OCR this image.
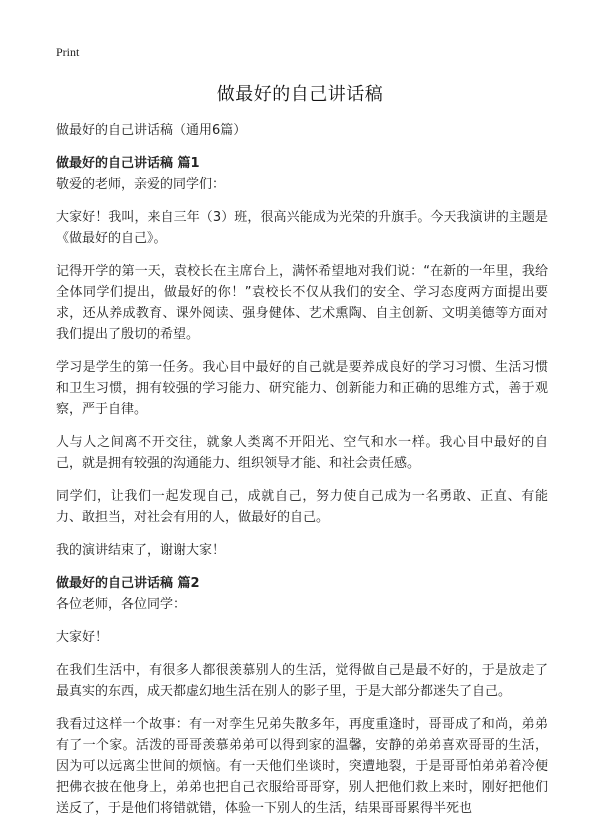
Print
做最好的自己讲话稿

做最好的自己讲话稿（通用6篇）

做最好的自己讲话稿 篇1

敬爱的老师，亲爱的同学们：

大家好！我叫，来自三年（3）班，很高兴能成为光荣的升旗手。今天我演讲的主题是《做最好的自己》。

记得开学的第一天，袁校长在主席台上，满怀希望地对我们说：“在新的一年里，我给全体同学们提出，做最好的你！”袁校长不仅从我们的安全、学习态度两方面提出要求，还从养成教育、课外阅读、强身健体、艺术熏陶、自主创新、文明美德等方面对我们提出了殷切的希望。

学习是学生的第一任务。我心目中最好的自己就是要养成良好的学习习惯、生活习惯和卫生习惯，拥有较强的学习能力、研究能力、创新能力和正确的思维方式，善于观察，严于自律。

人与人之间离不开交往，就象人类离不开阳光、空气和水一样。我心目中最好的自己，就是拥有较强的沟通能力、组织领导才能、和社会责任感。

同学们，让我们一起发现自己，成就自己，努力使自己成为一名勇敢、正直、有能力、敢担当，对社会有用的人，做最好的自己。

我的演讲结束了，谢谢大家！

做最好的自己讲话稿 篇2

各位老师，各位同学：

大家好！

在我们生活中，有很多人都很羡慕别人的生活，觉得做自己是最不好的，于是放走了最真实的东西，成天都虚幻地生活在别人的影子里，于是大部分都迷失了自己。

我看过这样一个故事：有一对孪生兄弟失散多年，再度重逢时，哥哥成了和尚，弟弟有了一个家。活泼的哥哥羡慕弟弟可以得到家的温馨，安静的弟弟喜欢哥哥的生活，因为可以远离尘世间的烦恼。有一天他们坐谈时，突遭地裂，于是哥哥怕弟弟着冷便把佛衣披在他身上，弟弟也把自己衣服给哥哥穿，别人把他们救上来时，刚好把他们送反了，于是他们将错就错，体验一下别人的生活，结果哥哥累得半死也
